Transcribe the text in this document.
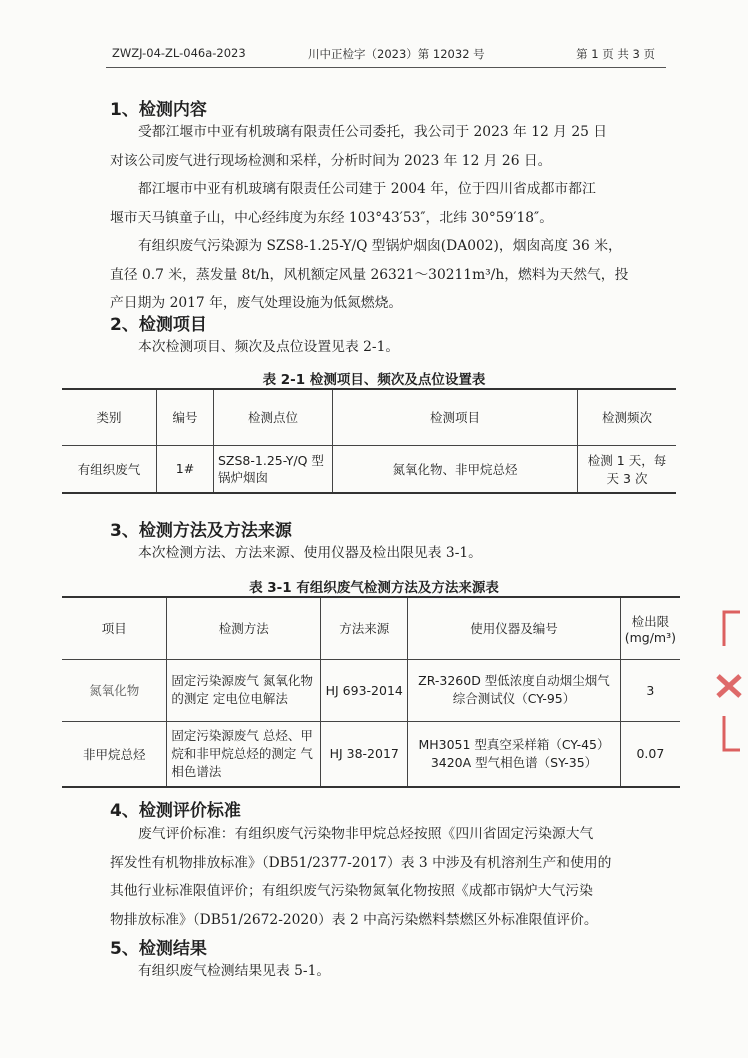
ZWZJ-04-ZL-046a-2023	川中正检字（2023）第 12032 号	第 1 页 共 3 页
1、检测内容
受都江堰市中亚有机玻璃有限责任公司委托，我公司于 2023 年 12 月 25 日
对该公司废气进行现场检测和采样，分析时间为 2023 年 12 月 26 日。
都江堰市中亚有机玻璃有限责任公司建于 2004 年，位于四川省成都市都江
堰市天马镇童子山，中心经纬度为东经 103°43′53″，北纬 30°59′18″。
有组织废气污染源为 SZS8-1.25-Y/Q 型锅炉烟囱(DA002)，烟囱高度 36 米，
直径 0.7 米，蒸发量 8t/h，风机额定风量 26321～30211m³/h，燃料为天然气，投
产日期为 2017 年，废气处理设施为低氮燃烧。
2、检测项目
本次检测项目、频次及点位设置见表 2-1。
表 2-1 检测项目、频次及点位设置表
类别	编号	检测点位	检测项目	检测频次
有组织废气	1#	SZS8-1.25-Y/Q 型锅炉烟囱	氮氧化物、非甲烷总烃	检测 1 天，每天 3 次
3、检测方法及方法来源
本次检测方法、方法来源、使用仪器及检出限见表 3-1。
表 3-1 有组织废气检测方法及方法来源表
项目	检测方法	方法来源	使用仪器及编号	检出限 (mg/m³)
氮氧化物	固定污染源废气 氮氧化物的测定 定电位电解法	HJ 693-2014	ZR-3260D 型低浓度自动烟尘烟气综合测试仪（CY-95）	3
非甲烷总烃	固定污染源废气 总烃、甲烷和非甲烷总烃的测定 气相色谱法	HJ 38-2017	MH3051 型真空采样箱（CY-45） 3420A 型气相色谱（SY-35）	0.07
4、检测评价标准
废气评价标准：有组织废气污染物非甲烷总烃按照《四川省固定污染源大气
挥发性有机物排放标准》（DB51/2377-2017）表 3 中涉及有机溶剂生产和使用的
其他行业标准限值评价；有组织废气污染物氮氧化物按照《成都市锅炉大气污染
物排放标准》（DB51/2672-2020）表 2 中高污染燃料禁燃区外标准限值评价。
5、检测结果
有组织废气检测结果见表 5-1。
